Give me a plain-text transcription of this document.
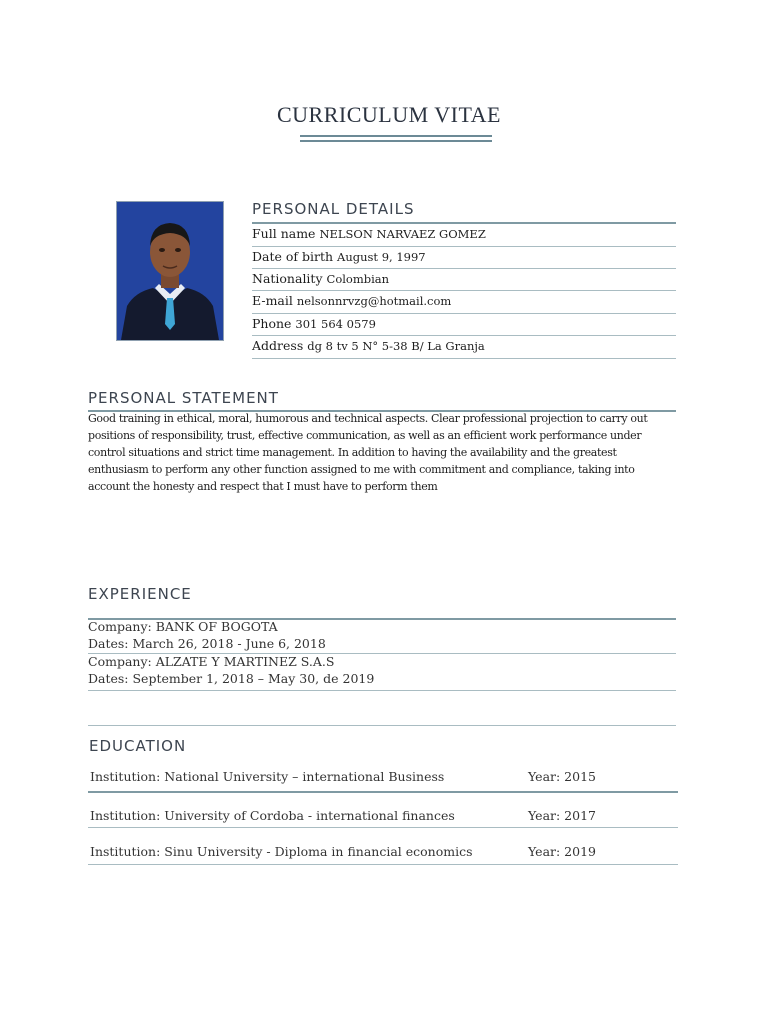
CURRICULUM VITAE
PERSONAL DETAILS
Full name NELSON NARVAEZ GOMEZ
Date of birth August 9, 1997
Nationality Colombian
E-mail nelsonnrvzg@hotmail.com
Phone 301 564 0579
Address dg 8 tv 5 N° 5-38 B/ La Granja
PERSONAL STATEMENT
Good training in ethical, moral, humorous and technical aspects. Clear professional projection to carry out positions of responsibility, trust, effective communication, as well as an efficient work performance under control situations and strict time management. In addition to having the availability and the greatest enthusiasm to perform any other function assigned to me with commitment and compliance, taking into account the honesty and respect that I must have to perform them
EXPERIENCE
Company: BANK OF BOGOTA
Dates: March 26, 2018 - June 6, 2018
Company: ALZATE Y MARTINEZ S.A.S
Dates: September 1, 2018 – May 30, de 2019
EDUCATION
Institution: National University – international Business	Year: 2015
Institution: University of Cordoba - international finances	Year: 2017
Institution: Sinu University - Diploma in financial economics	Year: 2019
